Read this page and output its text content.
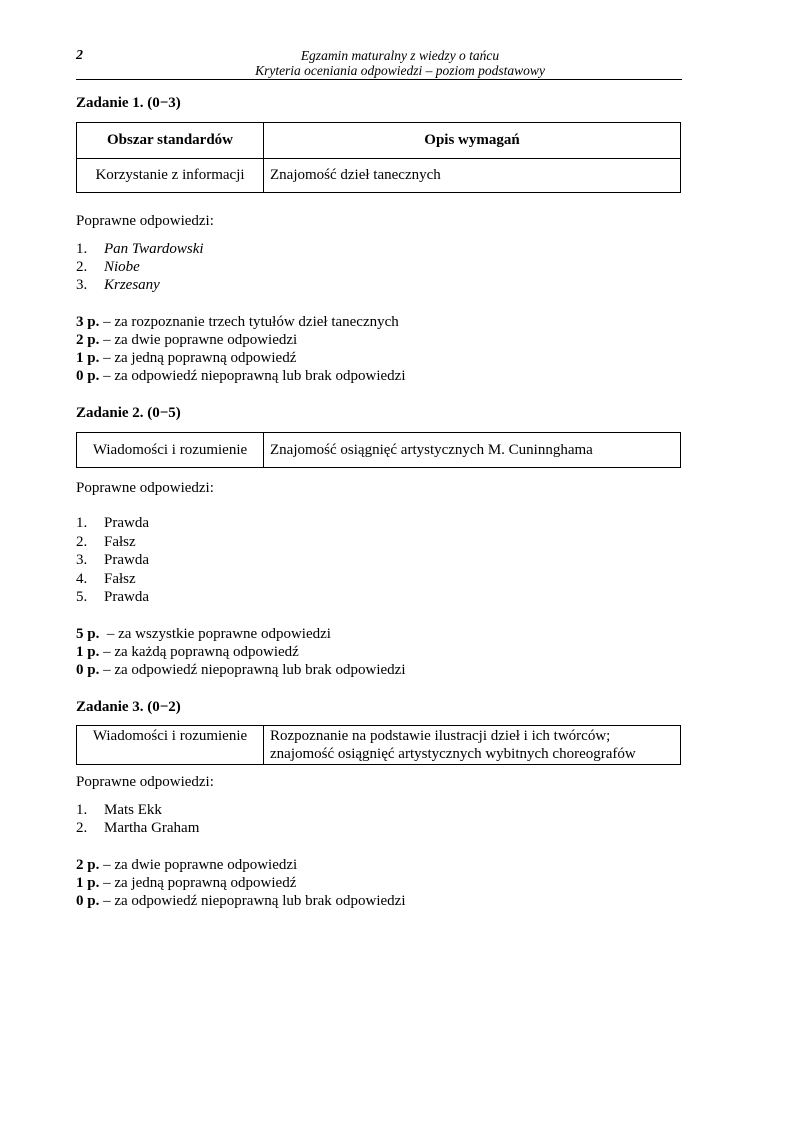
2	Egzamin maturalny z wiedzy o tańcu
Kryteria oceniania odpowiedzi – poziom podstawowy
Zadanie 1. (0−3)
Obszar standardów	Opis wymagań
Korzystanie z informacji	Znajomość dzieł tanecznych
Poprawne odpowiedzi:
1. Pan Twardowski
2. Niobe
3. Krzesany
3 p. – za rozpoznanie trzech tytułów dzieł tanecznych
2 p. – za dwie poprawne odpowiedzi
1 p. – za jedną poprawną odpowiedź
0 p. – za odpowiedź niepoprawną lub brak odpowiedzi
Zadanie 2. (0−5)
Wiadomości i rozumienie	Znajomość osiągnięć artystycznych M. Cuninnghama
Poprawne odpowiedzi:
1. Prawda
2. Fałsz
3. Prawda
4. Fałsz
5. Prawda
5 p.  – za wszystkie poprawne odpowiedzi
1 p. – za każdą poprawną odpowiedź
0 p. – za odpowiedź niepoprawną lub brak odpowiedzi
Zadanie 3. (0−2)
Wiadomości i rozumienie	Rozpoznanie na podstawie ilustracji dzieł i ich twórców;
znajomość osiągnięć artystycznych wybitnych choreografów
Poprawne odpowiedzi:
1. Mats Ekk
2. Martha Graham
2 p. – za dwie poprawne odpowiedzi
1 p. – za jedną poprawną odpowiedź
0 p. – za odpowiedź niepoprawną lub brak odpowiedzi
